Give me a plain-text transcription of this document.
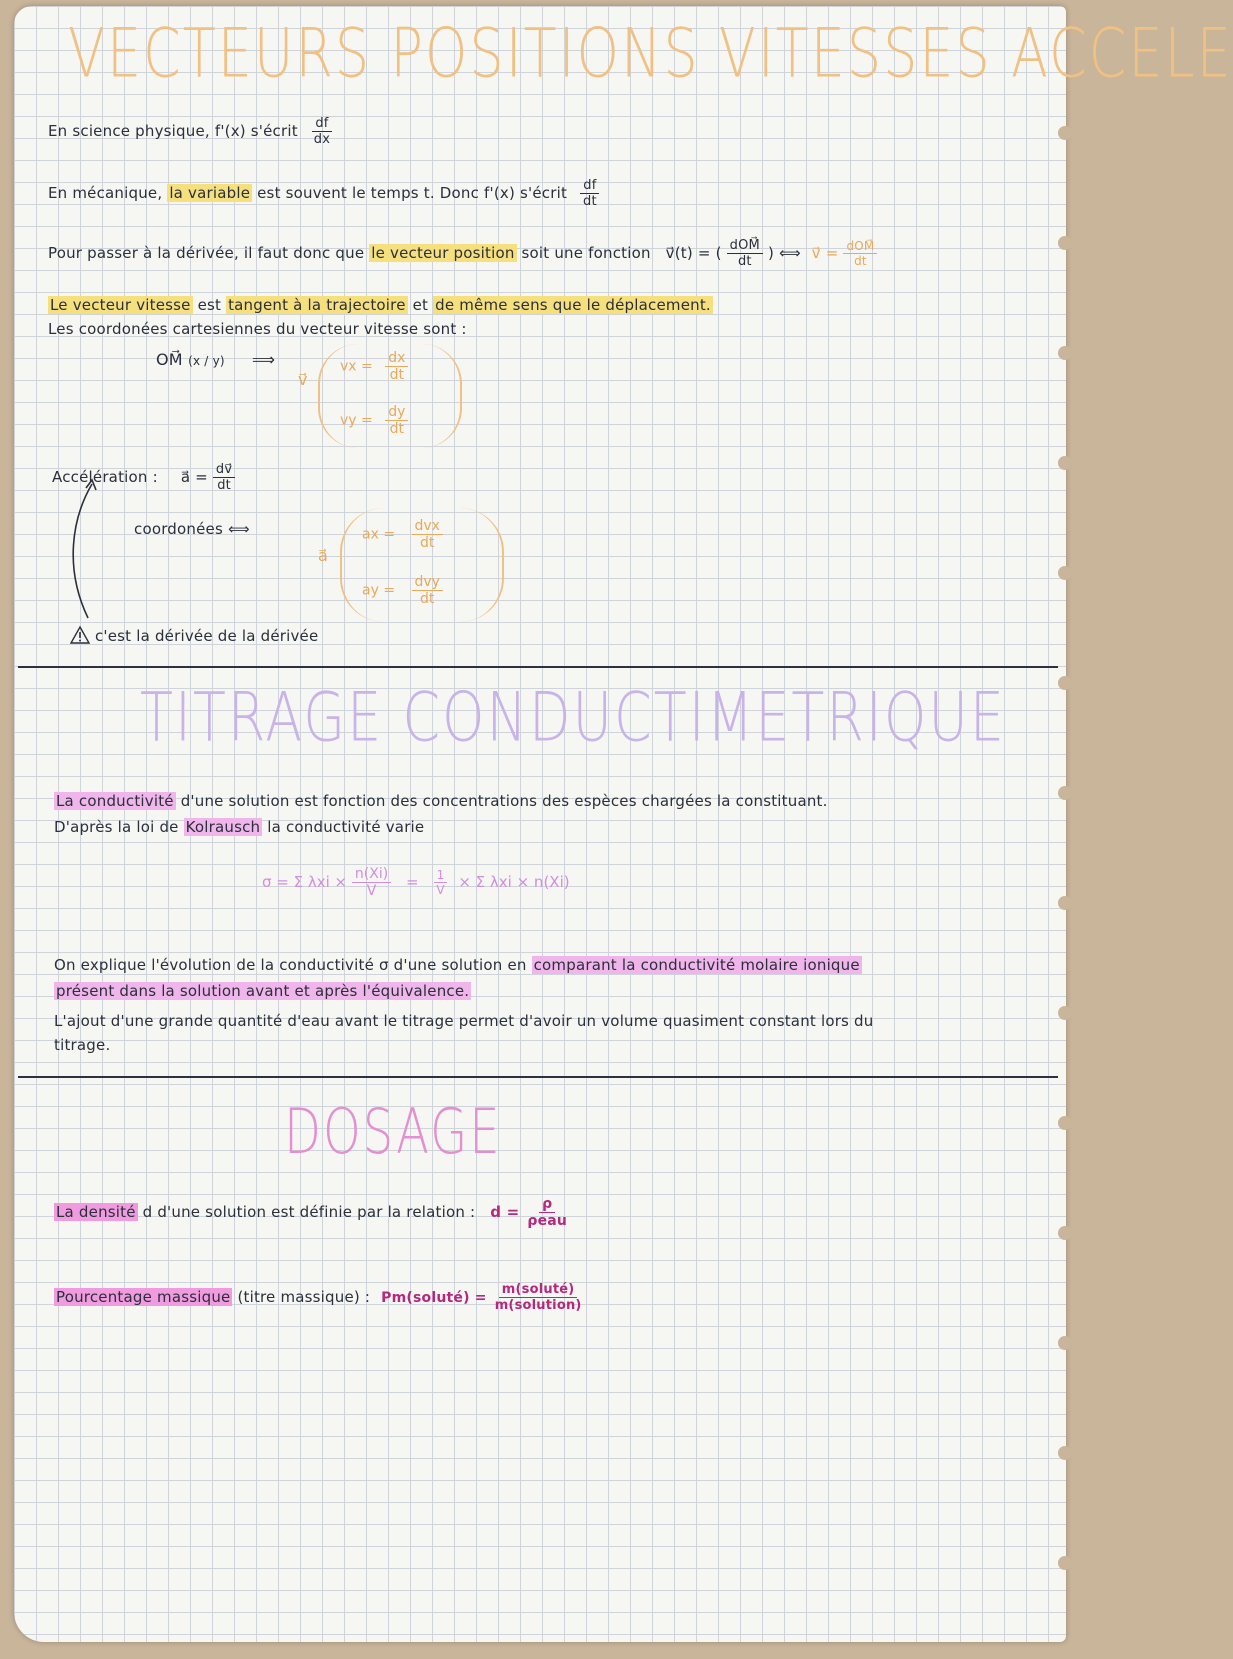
VECTEURS POSITIONS VITESSES ACCELE
En science physique, f'(x) s'écrit $\frac{df}{dx}$
En mécanique, la variable est souvent le temps t. Donc f'(x) s'écrit $\frac{df}{dt}$
Pour passer à la dérivée, il faut donc que le vecteur position soit une fonction v⃗(t) = ( $\frac{\text{dOM⃗}}{dt}$ ) ⟺ v⃗ = $\frac{\text{dOM⃗}}{dt}$
Le vecteur vitesse est tangent à la trajectoire et de même sens que le déplacement.
Les coordonées cartesiennes du vecteur vitesse sont :
OM⃗ (x / y) ⟹
v⃗
vx = $\frac{dx}{dt}$
vy = $\frac{dy}{dt}$
Accélération : a⃗ = $\frac{dv⃗}{dt}$
coordonées ⟺
a⃗
ax = $\frac{\text{dvx}}{dt}$
ay = $\frac{\text{dvy}}{dt}$
c'est la dérivée de la dérivée
TITRAGE CONDUCTIMETRIQUE
La conductivité d'une solution est fonction des concentrations des espèces chargées la constituant.
D'après la loi de Kolrausch la conductivité varie
σ = Σ $\lambda xi \times \frac{n(Xi)}{V} = \frac{1}{V} \times \Sigma$ λxi × n(Xi)
On explique l'évolution de la conductivité σ d'une solution en comparant la conductivité molaire ionique
présent dans la solution avant et après l'équivalence.
L'ajout d'une grande quantité d'eau avant le titrage permet d'avoir un volume quasiment constant lors du
titrage.
DOSAGE
La densité d d'une solution est définie par la relation : $d = \frac{\rho}{\text{ρeau}}$
Pourcentage massique (titre massique) : Pm(soluté) = $\frac{\text{m(soluté)}}{\text{m(solution)}}$
